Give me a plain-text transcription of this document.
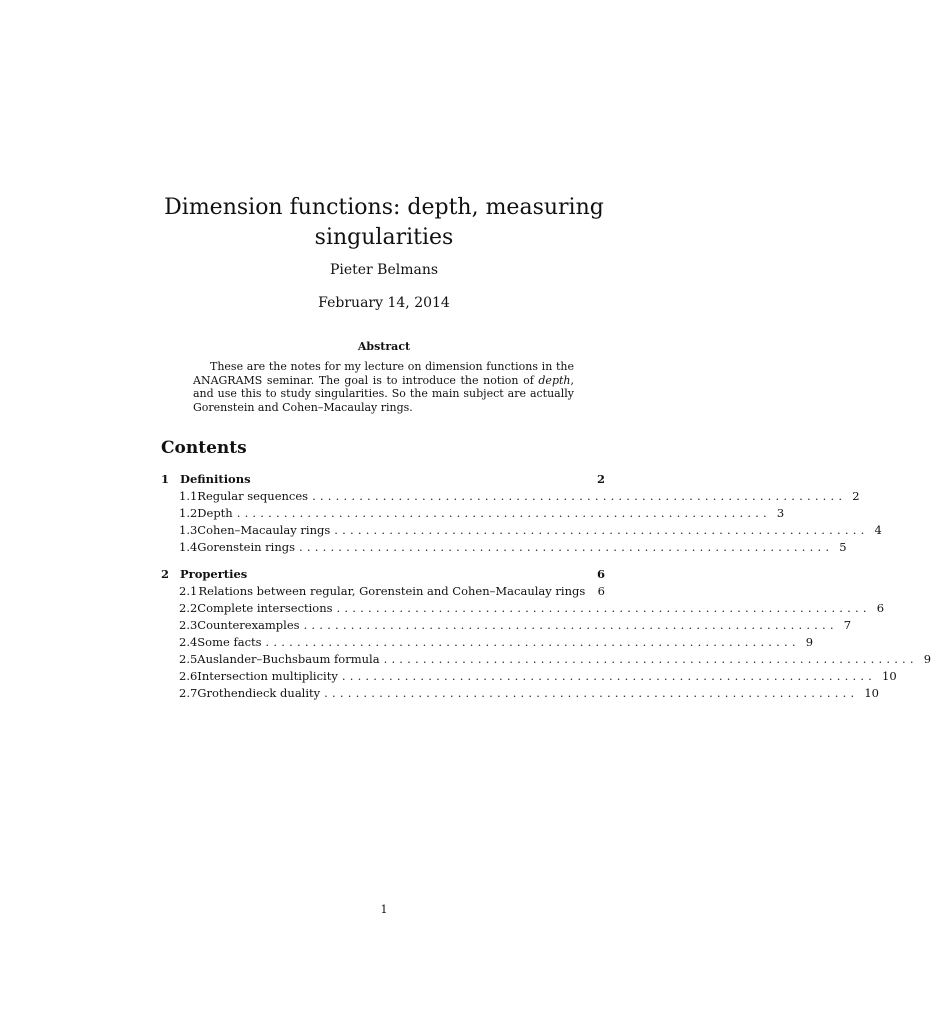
Dimension functions: depth, measuring
singularities
Pieter Belmans
February 14, 2014
Abstract
These are the notes for my lecture on dimension functions in the ANAGRAMS seminar. The goal is to introduce the notion of depth, and use this to study singularities. So the main subject are actually Gorenstein and Cohen–Macaulay rings.
Contents
1 Definitions	2
1.1 Regular sequences .................................................................... 2
1.2 Depth .................................................................... 3
1.3 Cohen–Macaulay rings .................................................................... 4
1.4 Gorenstein rings .................................................................... 5
2 Properties	6
2.1 Relations between regular, Gorenstein and Cohen–Macaulay rings 6
2.2 Complete intersections .................................................................... 6
2.3 Counterexamples .................................................................... 7
2.4 Some facts .................................................................... 9
2.5 Auslander–Buchsbaum formula .................................................................... 9
2.6 Intersection multiplicity .................................................................... 10
2.7 Grothendieck duality .................................................................... 10
1
